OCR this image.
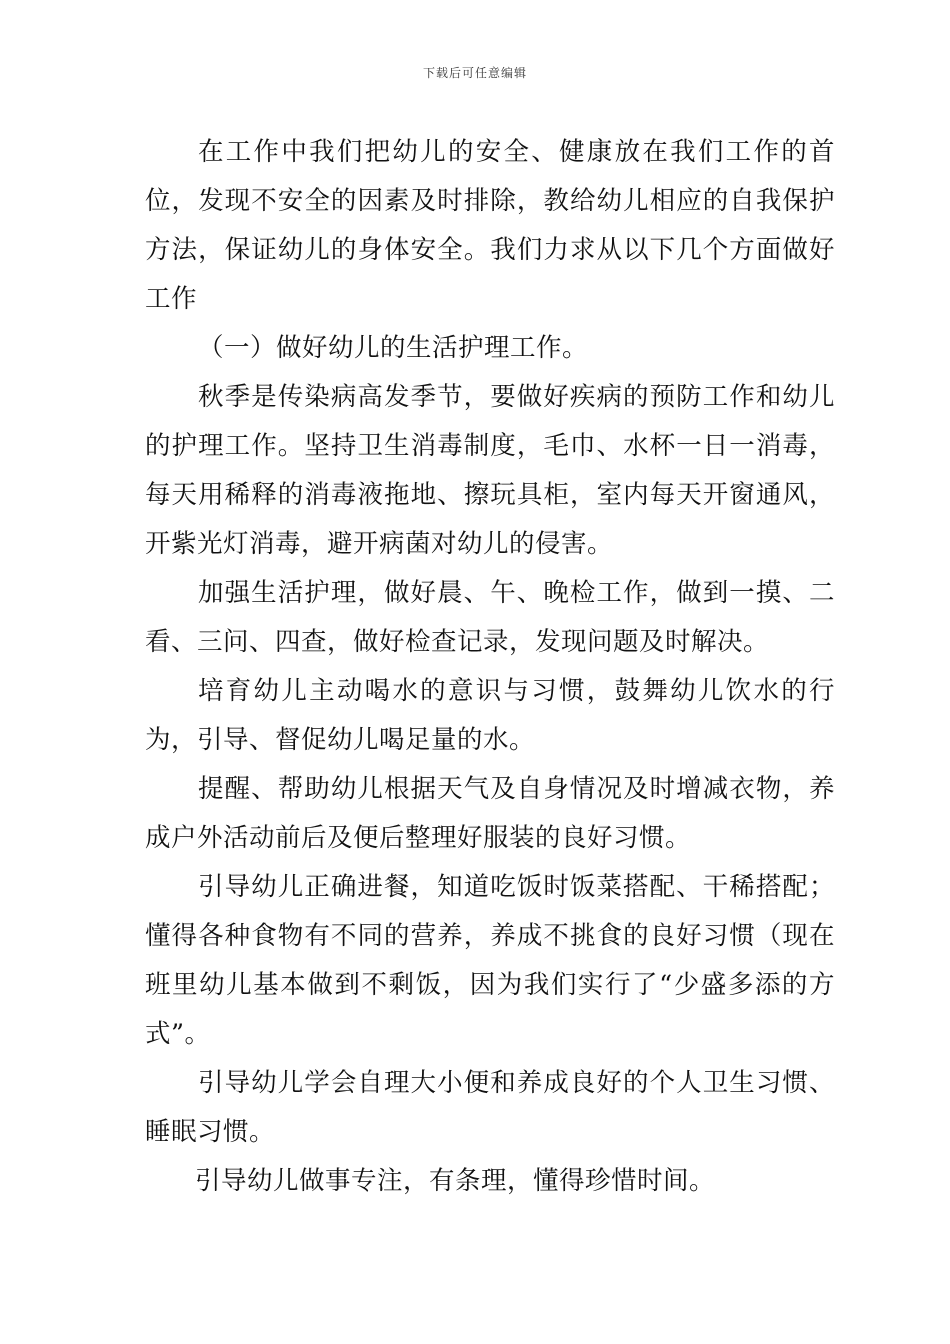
下载后可任意编辑

在工作中我们把幼儿的安全、健康放在我们工作的首位，发现不安全的因素及时排除，教给幼儿相应的自我保护方法，保证幼儿的身体安全。我们力求从以下几个方面做好工作

（一）做好幼儿的生活护理工作。

秋季是传染病高发季节，要做好疾病的预防工作和幼儿的护理工作。坚持卫生消毒制度，毛巾、水杯一日一消毒，每天用稀释的消毒液拖地、擦玩具柜，室内每天开窗通风，开紫光灯消毒，避开病菌对幼儿的侵害。

加强生活护理，做好晨、午、晚检工作，做到一摸、二看、三问、四查，做好检查记录，发现问题及时解决。

培育幼儿主动喝水的意识与习惯，鼓舞幼儿饮水的行为，引导、督促幼儿喝足量的水。

提醒、帮助幼儿根据天气及自身情况及时增减衣物，养成户外活动前后及便后整理好服装的良好习惯。

引导幼儿正确进餐，知道吃饭时饭菜搭配、干稀搭配；懂得各种食物有不同的营养，养成不挑食的良好习惯（现在班里幼儿基本做到不剩饭，因为我们实行了“少盛多添的方式”。

引导幼儿学会自理大小便和养成良好的个人卫生习惯、睡眠习惯。

引导幼儿做事专注，有条理，懂得珍惜时间。
